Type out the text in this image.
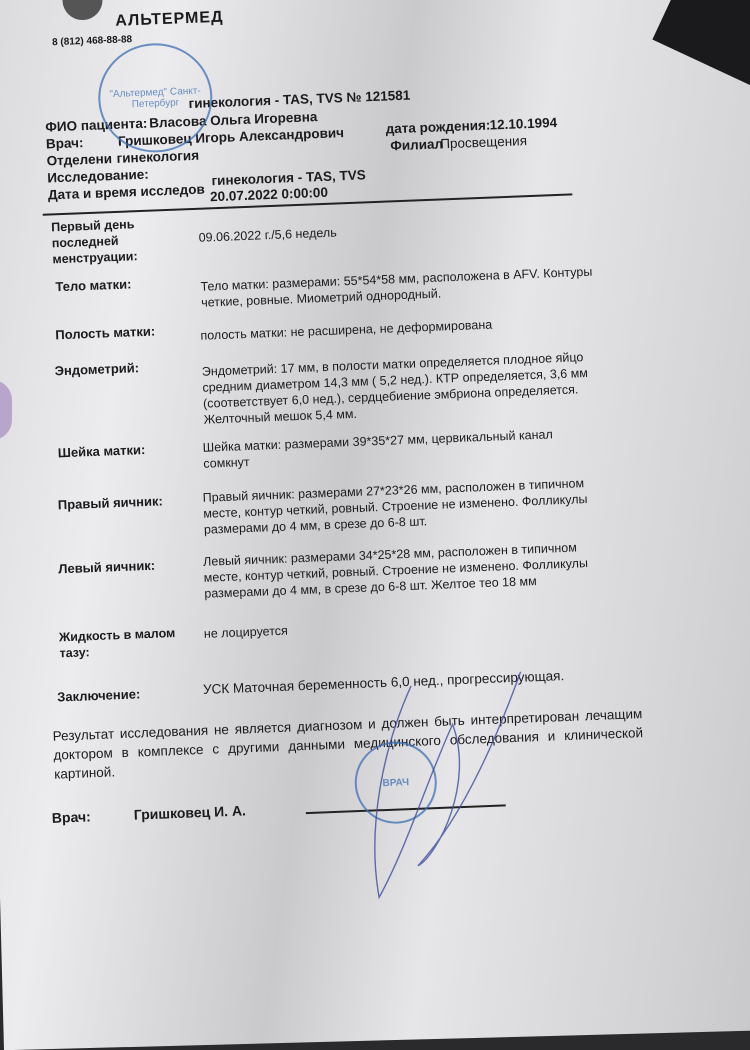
АЛЬТЕРМЕД
8 (812) 468-88-88
гинекология - TAS, TVS № 121581
ФИО пациента: Власова Ольга Игоревна
Врач:	Гришковец Игорь Александрович
Отделени гинекология
Исследование:	гинекология - TAS, TVS
Дата и время исследов 20.07.2022 0:00:00
дата рождения:
12.10.1994
Филиал
Просвещения
"Альтермед" Санкт-Петербург
Первый день последней менструации:
09.06.2022 г./5,6 недель
Тело матки:	Тело матки: размерами: 55*54*58 мм, расположена в AFV. Контуры четкие, ровные. Миометрий однородный.
Полость матки:	полость матки: не расширена, не деформирована
Эндометрий:	Эндометрий: 17 мм, в полости матки определяется плодное яйцо средним диаметром 14,3 мм ( 5,2 нед.). КТР определяется, 3,6 мм (соответствует 6,0 нед.), сердцебиение эмбриона определяется. Желточный мешок 5,4 мм.
Шейка матки:	Шейка матки: размерами 39*35*27 мм, цервикальный канал сомкнут
Правый яичник:	Правый яичник: размерами 27*23*26 мм, расположен в типичном месте, контур четкий, ровный. Строение не изменено. Фолликулы размерами до 4 мм, в срезе до 6-8 шт.
Левый яичник:	Левый яичник: размерами 34*25*28 мм, расположен в типичном месте, контур четкий, ровный. Строение не изменено. Фолликулы размерами до 4 мм, в срезе до 6-8 шт. Желтое тео 18 мм
Жидкость в малом тазу:
не лоцируется
Заключение:	УСК Маточная беременность 6,0 нед., прогрессирующая.
Результат исследования не является диагнозом и должен быть интерпретирован лечащим доктором в комплексе с другими данными медицинского обследования и клинической картиной.
Врач:	Гришковец И. А.
ВРАЧ
